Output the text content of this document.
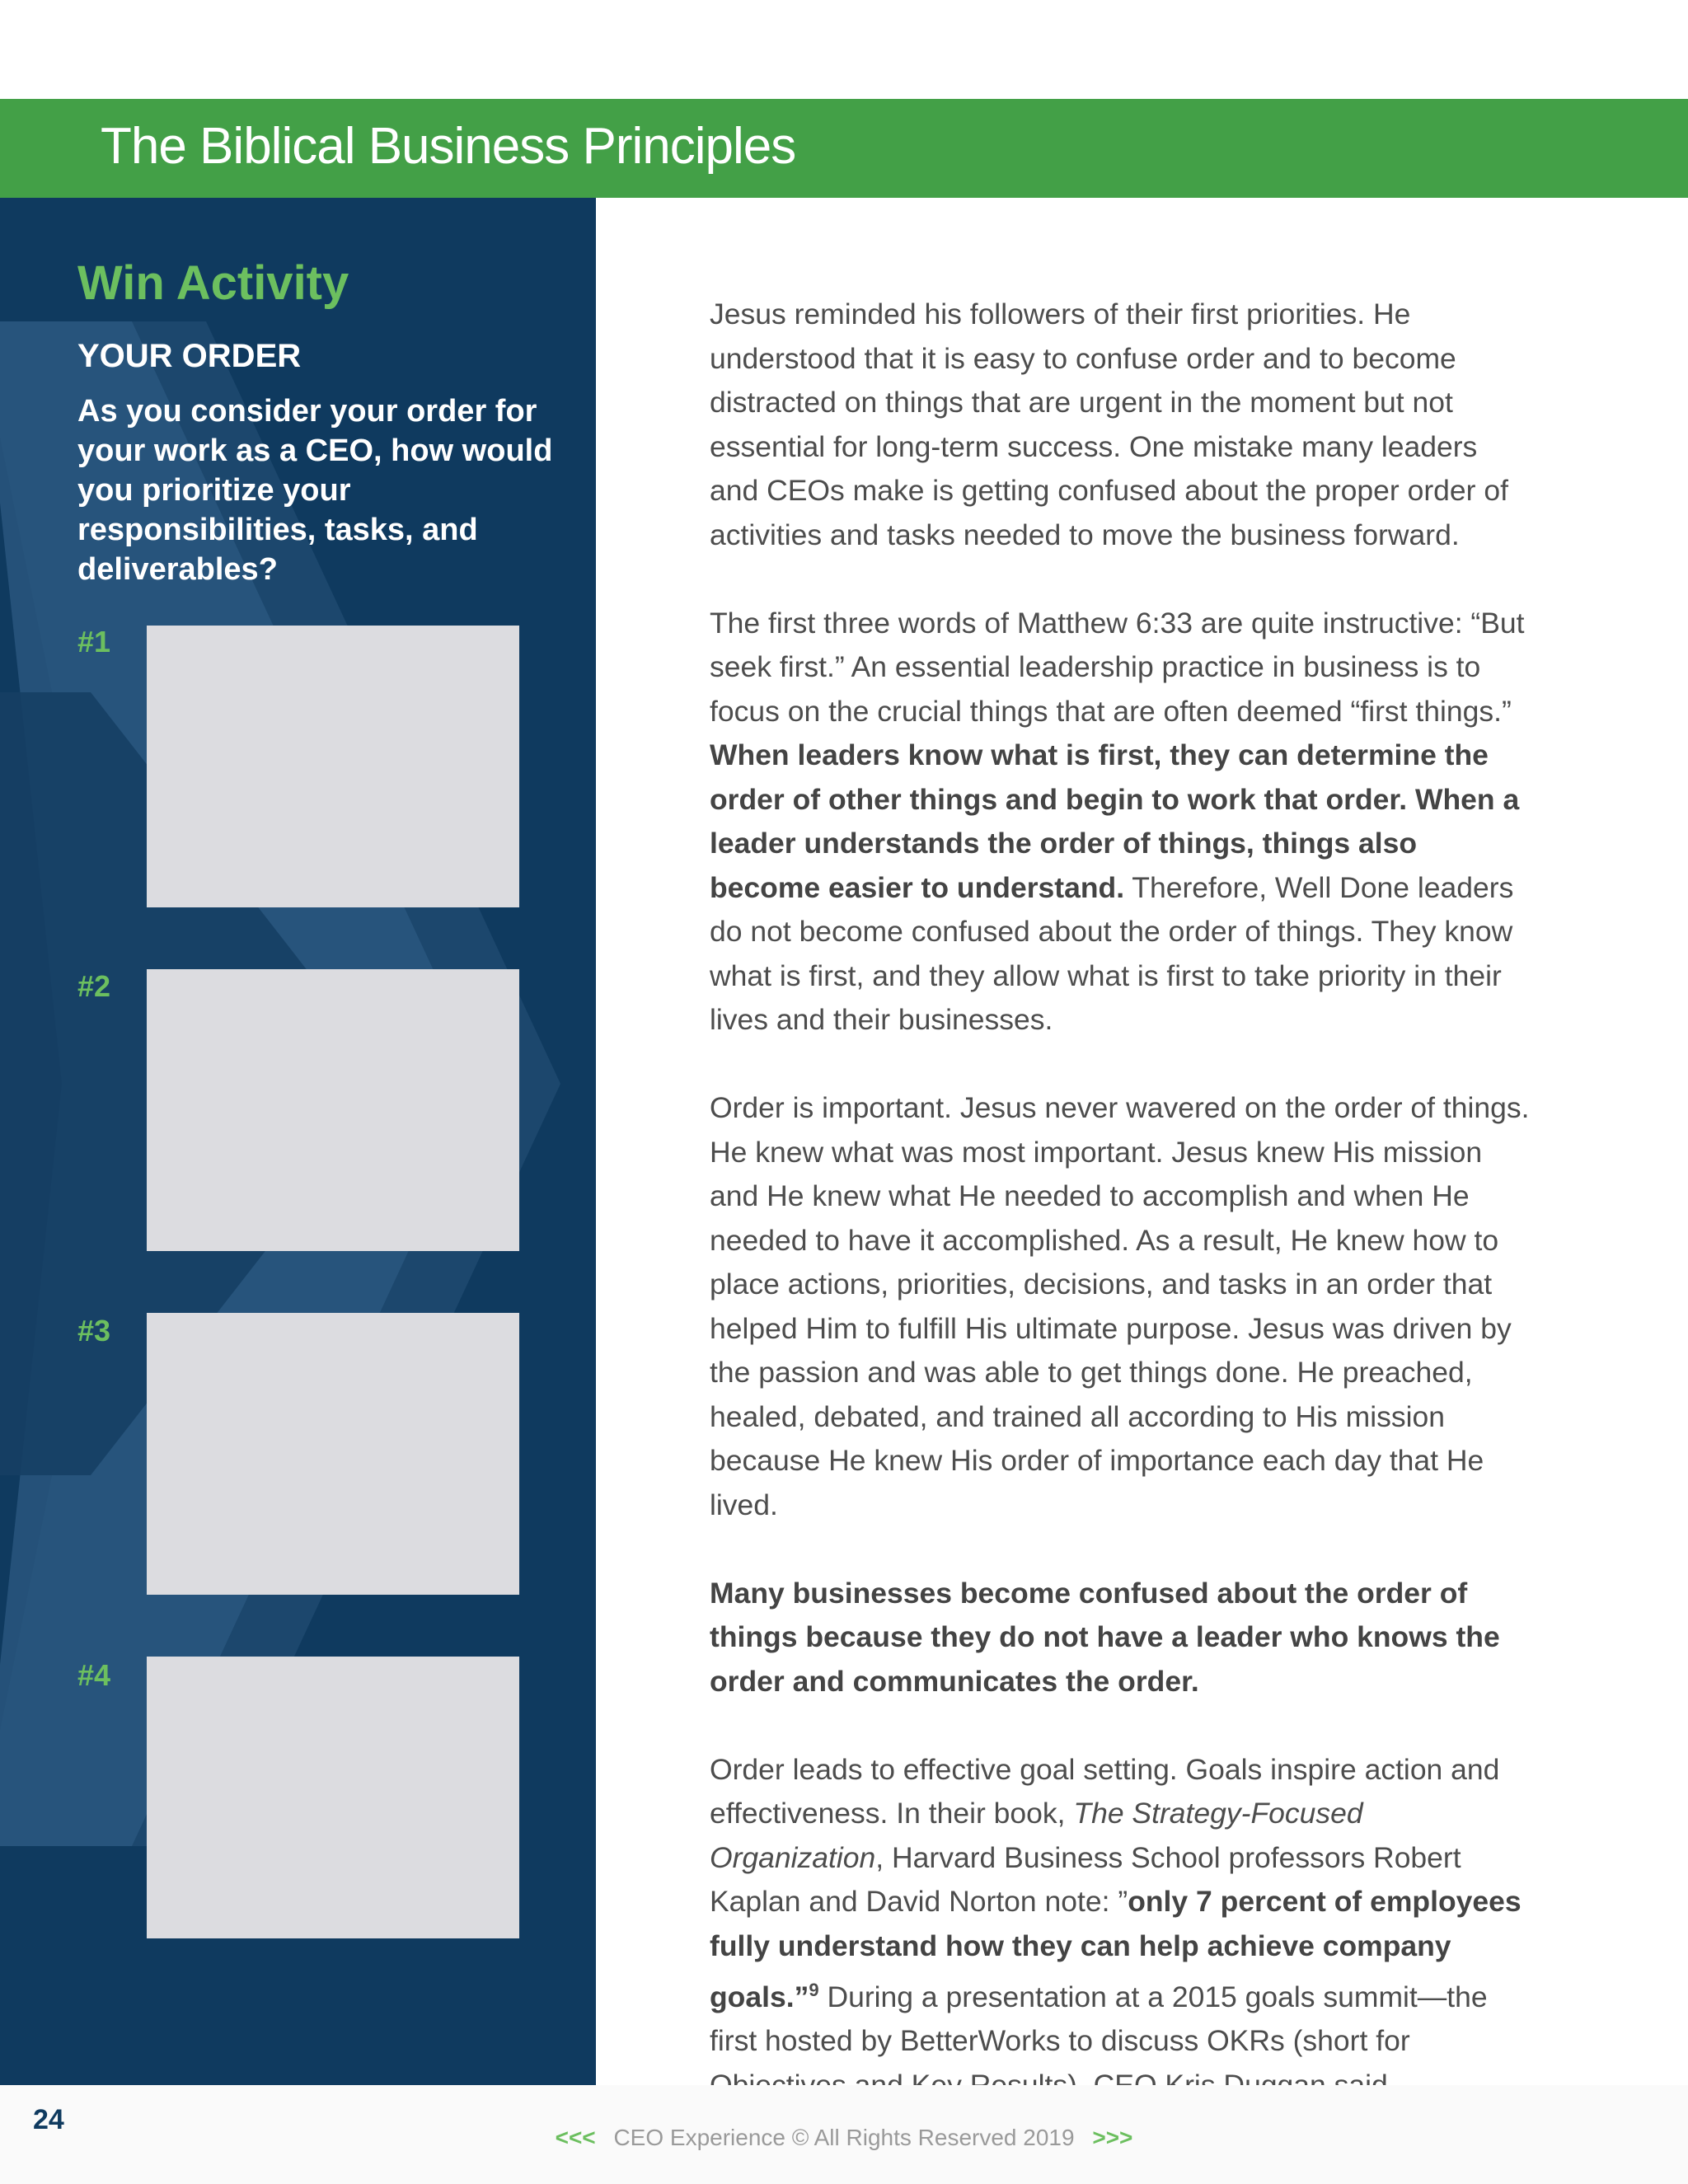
The Biblical Business Principles
Win Activity
YOUR ORDER
As you consider your order for your work as a CEO, how would you prioritize your responsibilities, tasks, and deliverables?
#1
#2
#3
#4

Jesus reminded his followers of their first priorities. He understood that it is easy to confuse order and to become distracted on things that are urgent in the moment but not essential for long-term success. One mistake many leaders and CEOs make is getting confused about the proper order of activities and tasks needed to move the business forward.

The first three words of Matthew 6:33 are quite instructive: “But seek first.” An essential leadership practice in business is to focus on the crucial things that are often deemed “first things.” When leaders know what is first, they can determine the order of other things and begin to work that order. When a leader understands the order of things, things also become easier to understand. Therefore, Well Done leaders do not become confused about the order of things. They know what is first, and they allow what is first to take priority in their lives and their businesses.

Order is important. Jesus never wavered on the order of things. He knew what was most important. Jesus knew His mission and He knew what He needed to accomplish and when He needed to have it accomplished. As a result, He knew how to place actions, priorities, decisions, and tasks in an order that helped Him to fulfill His ultimate purpose. Jesus was driven by the passion and was able to get things done. He preached, healed, debated, and trained all according to His mission because He knew His order of importance each day that He lived.

Many businesses become confused about the order of things because they do not have a leader who knows the order and communicates the order.

Order leads to effective goal setting. Goals inspire action and effectiveness. In their book, The Strategy-Focused Organization, Harvard Business School professors Robert Kaplan and David Norton note: ”only 7 percent of employees fully understand how they can help achieve company goals.”$^9$ During a presentation at a 2015 goals summit—the first hosted by BetterWorks to discuss OKRs (short for

24
<<< CEO Experience © All Rights Reserved 2019 >>>
